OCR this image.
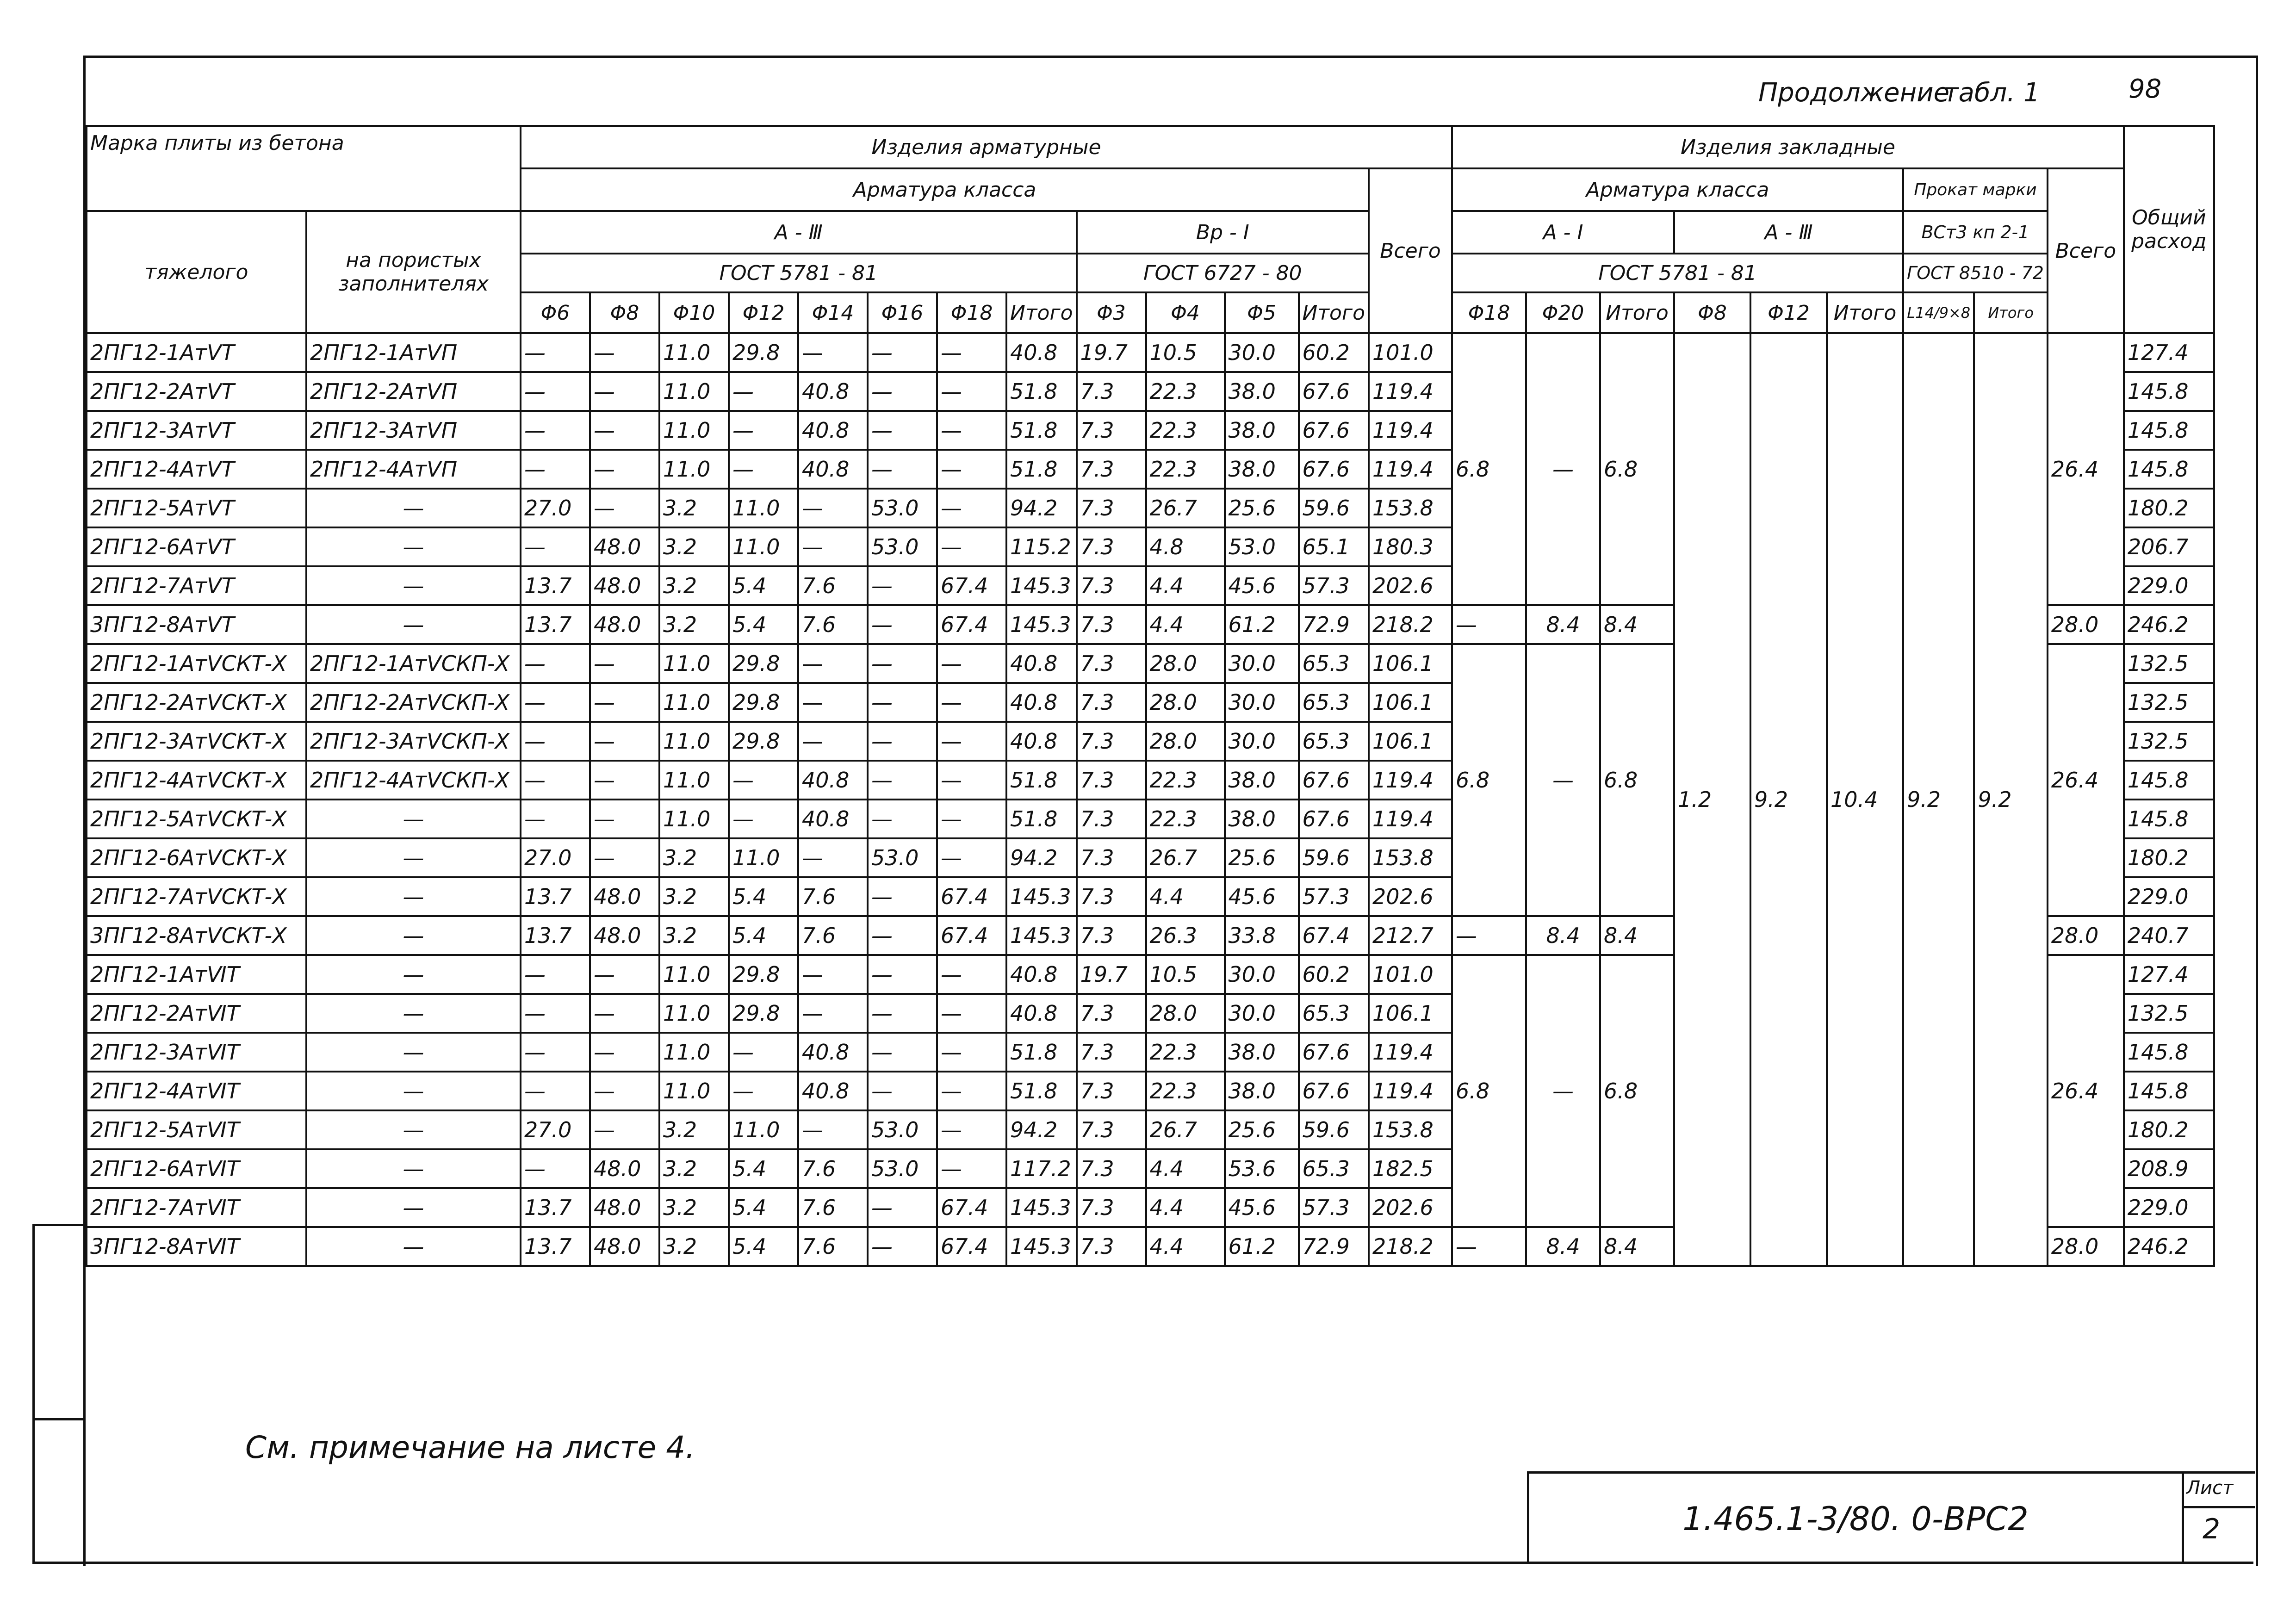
Продолжение
табл. 1	98
Марка плиты из бетона		Изделия арматурные													Изделия закладные									Общий расход
		Арматура класса												Всего	Арматура класса						Прокат марки		Всего	
тяжелого	на пористых заполнителях	А - Ⅲ								Вр - Ⅰ					А - Ⅰ			А - Ⅲ			ВСт3 кп 2-1			
		ГОСТ 5781 - 81								ГОСТ 6727 - 80					ГОСТ 5781 - 81						ГОСТ 8510 - 72			
		Φ6	Φ8	Φ10	Φ12	Φ14	Φ16	Φ18	Итого	Φ3	Φ4	Φ5	Итого		Φ18	Φ20	Итого	Φ8	Φ12	Итого	L14/9×8	Итого		
2ПГ12-1АтⅤТ	2ПГ12-1АтⅤП	—	—	11.0	29.8	—	—	—	40.8	19.7	10.5	30.0	60.2	101.0	6.8	—	6.8	1.2	9.2	10.4	9.2	9.2	26.4	127.4
2ПГ12-2АтⅤТ	2ПГ12-2АтⅤП	—	—	11.0	—	40.8	—	—	51.8	7.3	22.3	38.0	67.6	119.4										145.8
2ПГ12-3АтⅤТ	2ПГ12-3АтⅤП	—	—	11.0	—	40.8	—	—	51.8	7.3	22.3	38.0	67.6	119.4										145.8
2ПГ12-4АтⅤТ	2ПГ12-4АтⅤП	—	—	11.0	—	40.8	—	—	51.8	7.3	22.3	38.0	67.6	119.4										145.8
2ПГ12-5АтⅤТ	—	27.0	—	3.2	11.0	—	53.0	—	94.2	7.3	26.7	25.6	59.6	153.8										180.2
2ПГ12-6АтⅤТ	—	—	48.0	3.2	11.0	—	53.0	—	115.2	7.3	4.8	53.0	65.1	180.3										206.7
2ПГ12-7АтⅤТ	—	13.7	48.0	3.2	5.4	7.6	—	67.4	145.3	7.3	4.4	45.6	57.3	202.6										229.0
3ПГ12-8АтⅤТ	—	13.7	48.0	3.2	5.4	7.6	—	67.4	145.3	7.3	4.4	61.2	72.9	218.2	—	8.4	8.4						28.0	246.2
2ПГ12-1АтⅤСКТ-Х	2ПГ12-1АтⅤСКП-Х	—	—	11.0	29.8	—	—	—	40.8	7.3	28.0	30.0	65.3	106.1	6.8	—	6.8						26.4	132.5
2ПГ12-2АтⅤСКТ-Х	2ПГ12-2АтⅤСКП-Х	—	—	11.0	29.8	—	—	—	40.8	7.3	28.0	30.0	65.3	106.1										132.5
2ПГ12-3АтⅤСКТ-Х	2ПГ12-3АтⅤСКП-Х	—	—	11.0	29.8	—	—	—	40.8	7.3	28.0	30.0	65.3	106.1										132.5
2ПГ12-4АтⅤСКТ-Х	2ПГ12-4АтⅤСКП-Х	—	—	11.0	—	40.8	—	—	51.8	7.3	22.3	38.0	67.6	119.4										145.8
2ПГ12-5АтⅤСКТ-Х	—	—	—	11.0	—	40.8	—	—	51.8	7.3	22.3	38.0	67.6	119.4										145.8
2ПГ12-6АтⅤСКТ-Х	—	27.0	—	3.2	11.0	—	53.0	—	94.2	7.3	26.7	25.6	59.6	153.8										180.2
2ПГ12-7АтⅤСКТ-Х	—	13.7	48.0	3.2	5.4	7.6	—	67.4	145.3	7.3	4.4	45.6	57.3	202.6										229.0
3ПГ12-8АтⅤСКТ-Х	—	13.7	48.0	3.2	5.4	7.6	—	67.4	145.3	7.3	26.3	33.8	67.4	212.7	—	8.4	8.4						28.0	240.7
2ПГ12-1АтⅥТ	—	—	—	11.0	29.8	—	—	—	40.8	19.7	10.5	30.0	60.2	101.0	6.8	—	6.8						26.4	127.4
2ПГ12-2АтⅥТ	—	—	—	11.0	29.8	—	—	—	40.8	7.3	28.0	30.0	65.3	106.1										132.5
2ПГ12-3АтⅥТ	—	—	—	11.0	—	40.8	—	—	51.8	7.3	22.3	38.0	67.6	119.4										145.8
2ПГ12-4АтⅥТ	—	—	—	11.0	—	40.8	—	—	51.8	7.3	22.3	38.0	67.6	119.4										145.8
2ПГ12-5АтⅥТ	—	27.0	—	3.2	11.0	—	53.0	—	94.2	7.3	26.7	25.6	59.6	153.8										180.2
2ПГ12-6АтⅥТ	—	—	48.0	3.2	5.4	7.6	53.0	—	117.2	7.3	4.4	53.6	65.3	182.5										208.9
2ПГ12-7АтⅥТ	—	13.7	48.0	3.2	5.4	7.6	—	67.4	145.3	7.3	4.4	45.6	57.3	202.6										229.0
3ПГ12-8АтⅥТ	—	13.7	48.0	3.2	5.4	7.6	—	67.4	145.3	7.3	4.4	61.2	72.9	218.2	—	8.4	8.4						28.0	246.2
См. примечание на листе 4.
1.465.1-3/80. 0-ВРС2
Лист
2
